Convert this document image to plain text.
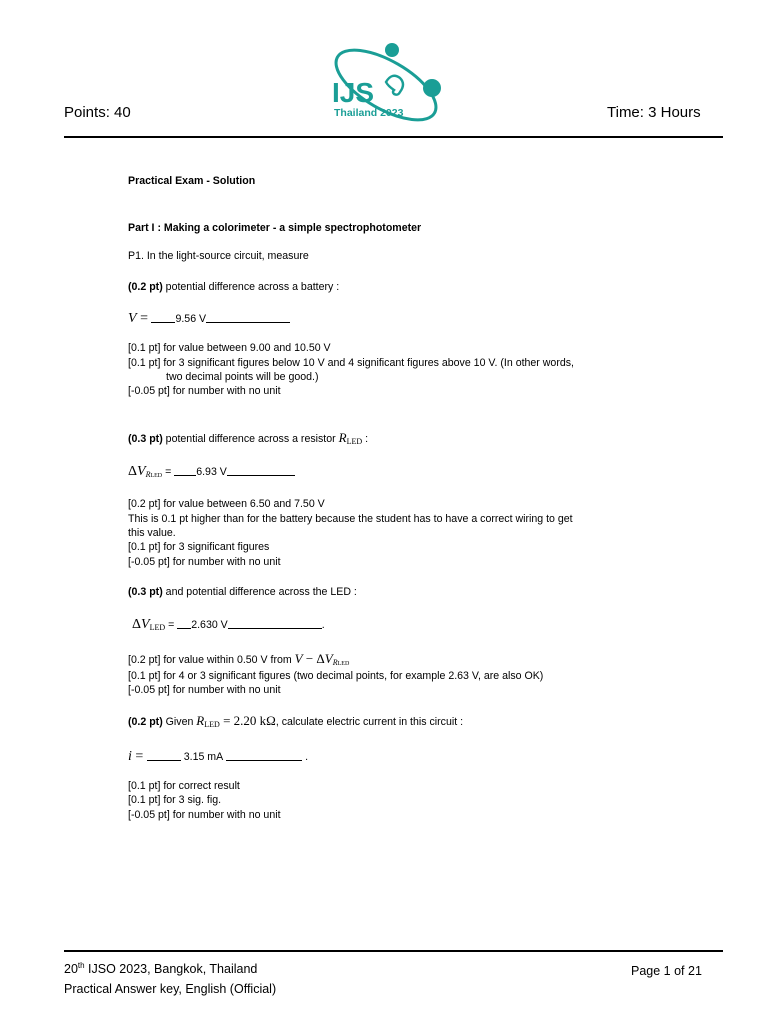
Points: 40	Time: 3 Hours
IJS
Thailand 2023
Practical Exam - Solution
Part I : Making a colorimeter - a simple spectrophotometer
P1. In the light-source circuit, measure
(0.2 pt) potential difference across a battery :
V = 9.56 V
[0.1 pt] for value between 9.00 and 10.50 V
[0.1 pt] for 3 significant figures below 10 V and 4 significant figures above 10 V. (In other words,
two decimal points will be good.)
[-0.05 pt] for number with no unit
(0.3 pt) potential difference across a resistor $R_{LED}$ :
$\Delta V_RLED = 6.93$ V
[0.2 pt] for value between 6.50 and 7.50 V
This is 0.1 pt higher than for the battery because the student has to have a correct wiring to get
this value.
[0.1 pt] for 3 significant figures
[-0.05 pt] for number with no unit
(0.3 pt) and potential difference across the LED :
$\Delta V_{LED} = 2.630$ V	.
[0.2 pt] for value within 0.50 V from $V - \Delta V_RLED$
[0.1 pt] for 4 or 3 significant figures (two decimal points, for example 2.63 V, are also OK)
[-0.05 pt] for number with no unit
(0.2 pt) Given $R_{LED} = 2.20$ kΩ, calculate electric current in this circuit :
i =	3.15 mA	.
[0.1 pt] for correct result
[0.1 pt] for 3 sig. fig.
[-0.05 pt] for number with no unit
20th IJSO 2023, Bangkok, Thailand
Practical Answer key, English (Official)
Page 1 of 21
